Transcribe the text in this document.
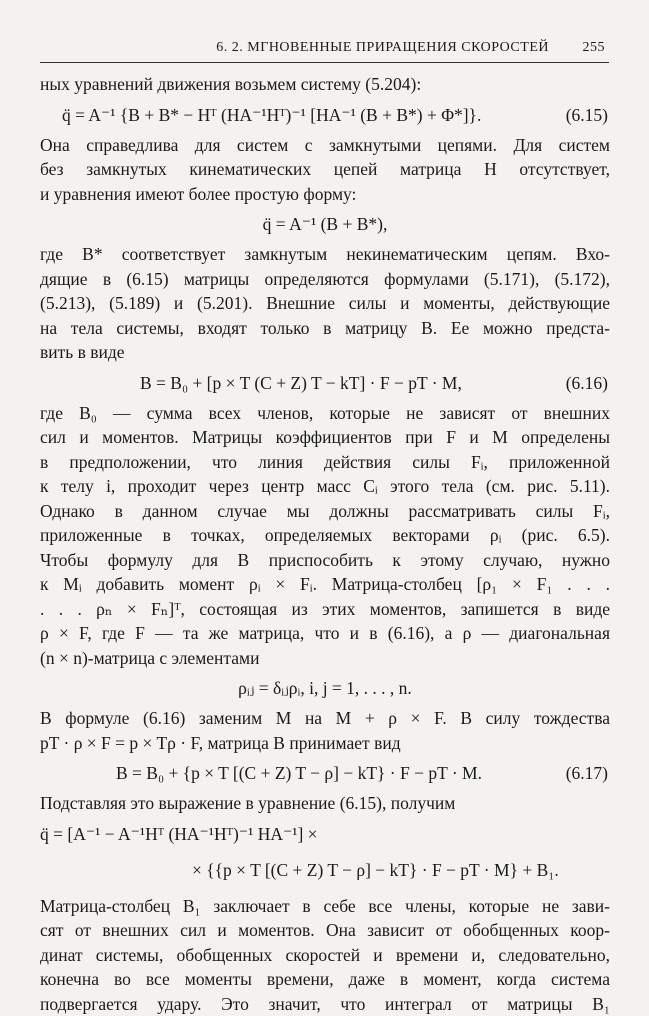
6. 2. МГНОВЕННЫЕ ПРИРАЩЕНИЯ СКОРОСТЕЙ 255
ных уравнений движения возьмем систему (5.204):
q̈ = A⁻¹ {B + B* − Hᵀ (HA⁻¹Hᵀ)⁻¹ [HA⁻¹ (B + B*) + Φ*]}.	(6.15)
Она справедлива для систем с замкнутыми цепями. Для систем
без замкнутых кинематических цепей матрица H отсутствует,
и уравнения имеют более простую форму:
q̈ = A⁻¹ (B + B*),
где B* соответствует замкнутым некинематическим цепям. Вхо-
дящие в (6.15) матрицы определяются формулами (5.171), (5.172),
(5.213), (5.189) и (5.201). Внешние силы и моменты, действующие
на тела системы, входят только в матрицу B. Ее можно предста-
вить в виде
B = B₀ + [p × T (C + Z) T − kT] · F − pT · M,	(6.16)
где B₀ — сумма всех членов, которые не зависят от внешних
сил и моментов. Матрицы коэффициентов при F и M определены
в предположении, что линия действия силы Fᵢ, приложенной
к телу i, проходит через центр масс Cᵢ этого тела (см. рис. 5.11).
Однако в данном случае мы должны рассматривать силы Fᵢ,
приложенные в точках, определяемых векторами ρᵢ (рис. 6.5).
Чтобы формулу для B приспособить к этому случаю, нужно
к Mᵢ добавить момент ρᵢ × Fᵢ. Матрица-столбец [ρ₁ × F₁ . . .
. . . ρₙ × Fₙ]ᵀ, состоящая из этих моментов, запишется в виде
ρ × F, где F — та же матрица, что и в (6.16), а ρ — диагональная
(n × n)-матрица с элементами
ρᵢⱼ = δᵢⱼρᵢ, i, j = 1, . . . , n.
В формуле (6.16) заменим M на M + ρ × F. В силу тождества
pT · ρ × F = p × Tρ · F, матрица B принимает вид
B = B₀ + {p × T [(C + Z) T − ρ] − kT} · F − pT · M.	(6.17)
Подставляя это выражение в уравнение (6.15), получим
q̈ = [A⁻¹ − A⁻¹Hᵀ (HA⁻¹Hᵀ)⁻¹ HA⁻¹] ×
× {{p × T [(C + Z) T − ρ] − kT} · F − pT · M} + B₁.
Матрица-столбец B₁ заключает в себе все члены, которые не зави-
сят от внешних сил и моментов. Она зависит от обобщенных коор-
динат системы, обобщенных скоростей и времени и, следовательно,
конечна во все моменты времени, даже в момент, когда система
подвергается удару. Это значит, что интеграл от матрицы B₁
